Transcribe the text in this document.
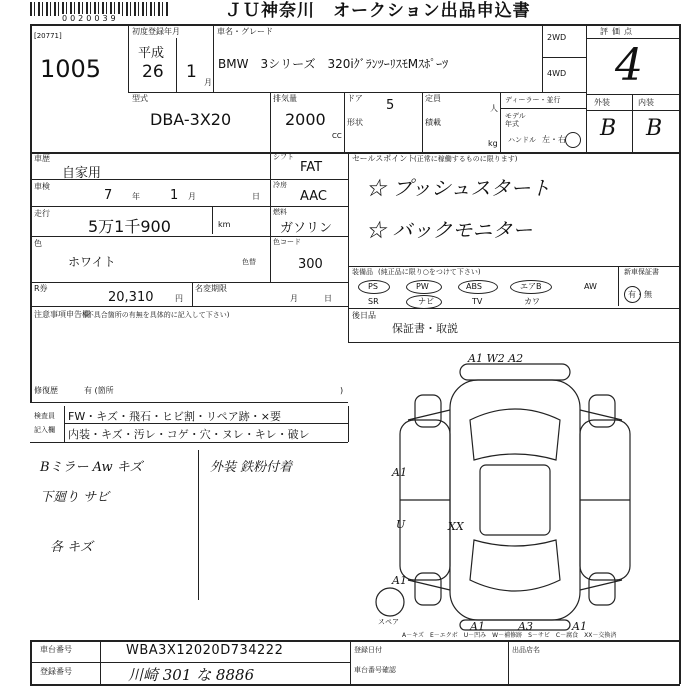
0020039	ＪＵ神奈川　オークション出品申込書
[20771]
1005
初度登録年月
平成
26 1
月
車名・グレード
BMW　3シリーズ　320iｸﾞﾗﾝﾂｰﾘｽﾓMｽﾎﾟｰﾂ
2WD
4WD
評価点
4
型式
DBA-3X20
排気量
2000
CC
ドア 5
形状
定員
人
積載
kg
ディーラー・並行
モデル年式
ハンドル 左・右
外装	内装
B B
車歴
自家用
シフト
FAT
車検
7 年 1 月	日
冷房
AAC
走行
5万1千900	km
燃料
ガソリン
色
ホワイト	色替
色コード
300
R券
20,310	円
名変期限
月	日
注意事項申告欄
(不具合箇所の有無を具体的に記入して下さい)
修復歴	有 (箇所	)
検査員
記入欄
FW・キズ・飛石・ヒビ割・リペア跡・×要
内装・キズ・汚レ・コゲ・穴・ヌレ・キレ・破レ
Bミラー Aw キズ	外装 鉄粉付着
下廻り サビ
各 キズ
セールスポイント
(正常に稼働するものに限ります)
☆ プッシュスタート
☆ バックモニター
装備品 (純正品に限り○をつけて下さい)	新車保証書
有・無
PS	PW	ABS	エアB	AW
SR	ナビ	TV	カワ
後日品
保証書・取説
A1 W2 A2
A1
U	XX
A1
A1	A3	A1
スペア
A－キズ　E－エクボ　U－凹み　W－補修跡　S－サビ　C－腐食　XX－交換済
車台番号	WBA3X12020D734222
登録番号	川崎 301 な 8886
登録日付
車台番号確認
出品店名
